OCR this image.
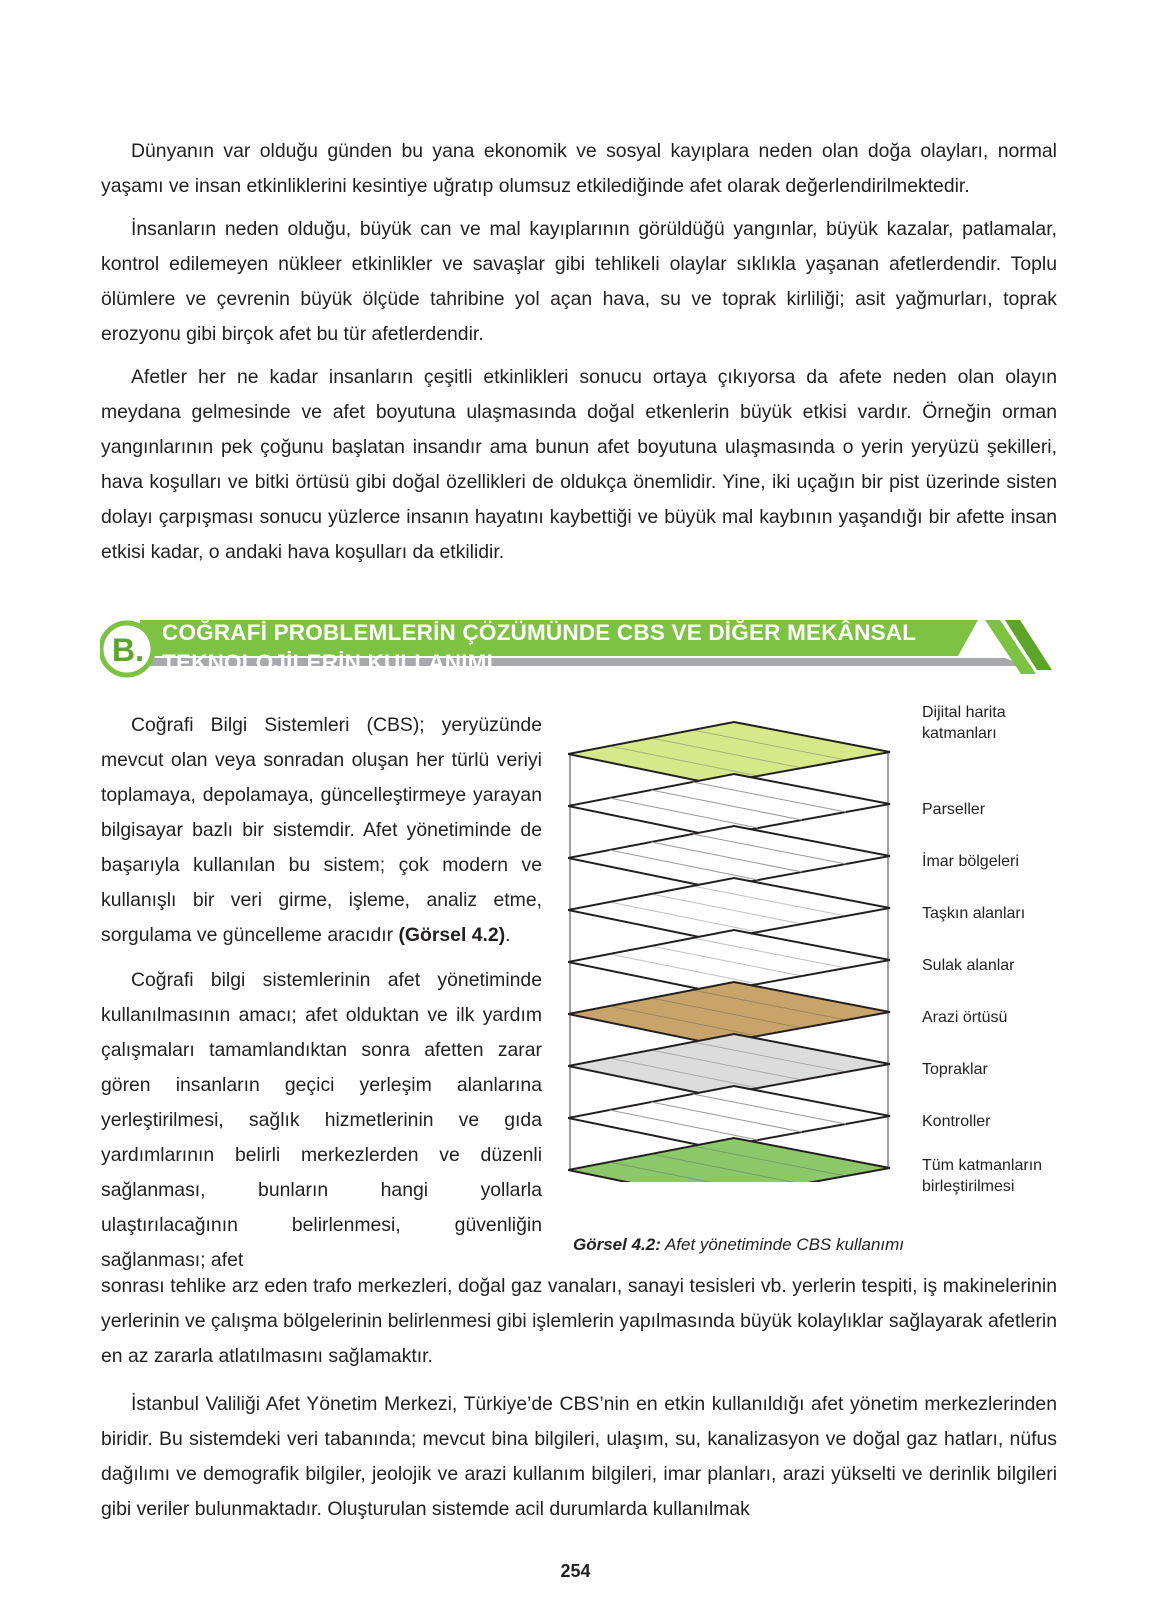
Dünyanın var olduğu günden bu yana ekonomik ve sosyal kayıplara neden olan doğa olayları, normal yaşamı ve insan etkinliklerini kesintiye uğratıp olumsuz etkilediğinde afet olarak değerlendirilmektedir.

İnsanların neden olduğu, büyük can ve mal kayıplarının görüldüğü yangınlar, büyük kazalar, patlamalar, kontrol edilemeyen nükleer etkinlikler ve savaşlar gibi tehlikeli olaylar sıklıkla yaşanan afetlerdendir. Toplu ölümlere ve çevrenin büyük ölçüde tahribine yol açan hava, su ve toprak kirliliği; asit yağmurları, toprak erozyonu gibi birçok afet bu tür afetlerdendir.

Afetler her ne kadar insanların çeşitli etkinlikleri sonucu ortaya çıkıyorsa da afete neden olan olayın meydana gelmesinde ve afet boyutuna ulaşmasında doğal etkenlerin büyük etkisi vardır. Örneğin orman yangınlarının pek çoğunu başlatan insandır ama bunun afet boyutuna ulaşmasında o yerin yeryüzü şekilleri, hava koşulları ve bitki örtüsü gibi doğal özellikleri de oldukça önemlidir. Yine, iki uçağın bir pist üzerinde sisten dolayı çarpışması sonucu yüzlerce insanın hayatını kaybettiği ve büyük mal kaybının yaşandığı bir afette insan etkisi kadar, o andaki hava koşulları da etkilidir.

B. COĞRAFİ PROBLEMLERİN ÇÖZÜMÜNDE CBS VE DİĞER MEKÂNSAL
TEKNOLOJİLERİN KULLANIMI

Coğrafi Bilgi Sistemleri (CBS); yeryüzünde mevcut olan veya sonradan oluşan her türlü veriyi toplamaya, depolamaya, güncelleştirmeye yarayan bilgisayar bazlı bir sistemdir. Afet yönetiminde de başarıyla kullanılan bu sistem; çok modern ve kullanışlı bir veri girme, işleme, analiz etme, sorgulama ve güncelleme aracıdır (Görsel 4.2).

Coğrafi bilgi sistemlerinin afet yönetiminde kullanılmasının amacı; afet olduktan ve ilk yardım çalışmaları tamamlandıktan sonra afetten zarar gören insanların geçici yerleşim alanlarına yerleştirilmesi, sağlık hizmetlerinin ve gıda yardımlarının belirli merkezlerden ve düzenli sağlanması, bunların hangi yollarla ulaştırılacağının belirlenmesi, güvenliğin sağlanması; afet

sonrası tehlike arz eden trafo merkezleri, doğal gaz vanaları, sanayi tesisleri vb. yerlerin tespiti, iş makinelerinin yerlerinin ve çalışma bölgelerinin belirlenmesi gibi işlemlerin yapılmasında büyük kolaylıklar sağlayarak afetlerin en az zararla atlatılmasını sağlamaktır.

İstanbul Valiliği Afet Yönetim Merkezi, Türkiye’de CBS’nin en etkin kullanıldığı afet yönetim merkezlerinden biridir. Bu sistemdeki veri tabanında; mevcut bina bilgileri, ulaşım, su, kanalizasyon ve doğal gaz hatları, nüfus dağılımı ve demografik bilgiler, jeolojik ve arazi kullanım bilgileri, imar planları, arazi yükselti ve derinlik bilgileri gibi veriler bulunmaktadır. Oluşturulan sistemde acil durumlarda kullanılmak

Dijital harita katmanları
Parseller
İmar bölgeleri
Taşkın alanları
Sulak alanlar
Arazi örtüsü
Topraklar
Kontroller
Tüm katmanların birleştirilmesi
Görsel 4.2: Afet yönetiminde CBS kullanımı
254
